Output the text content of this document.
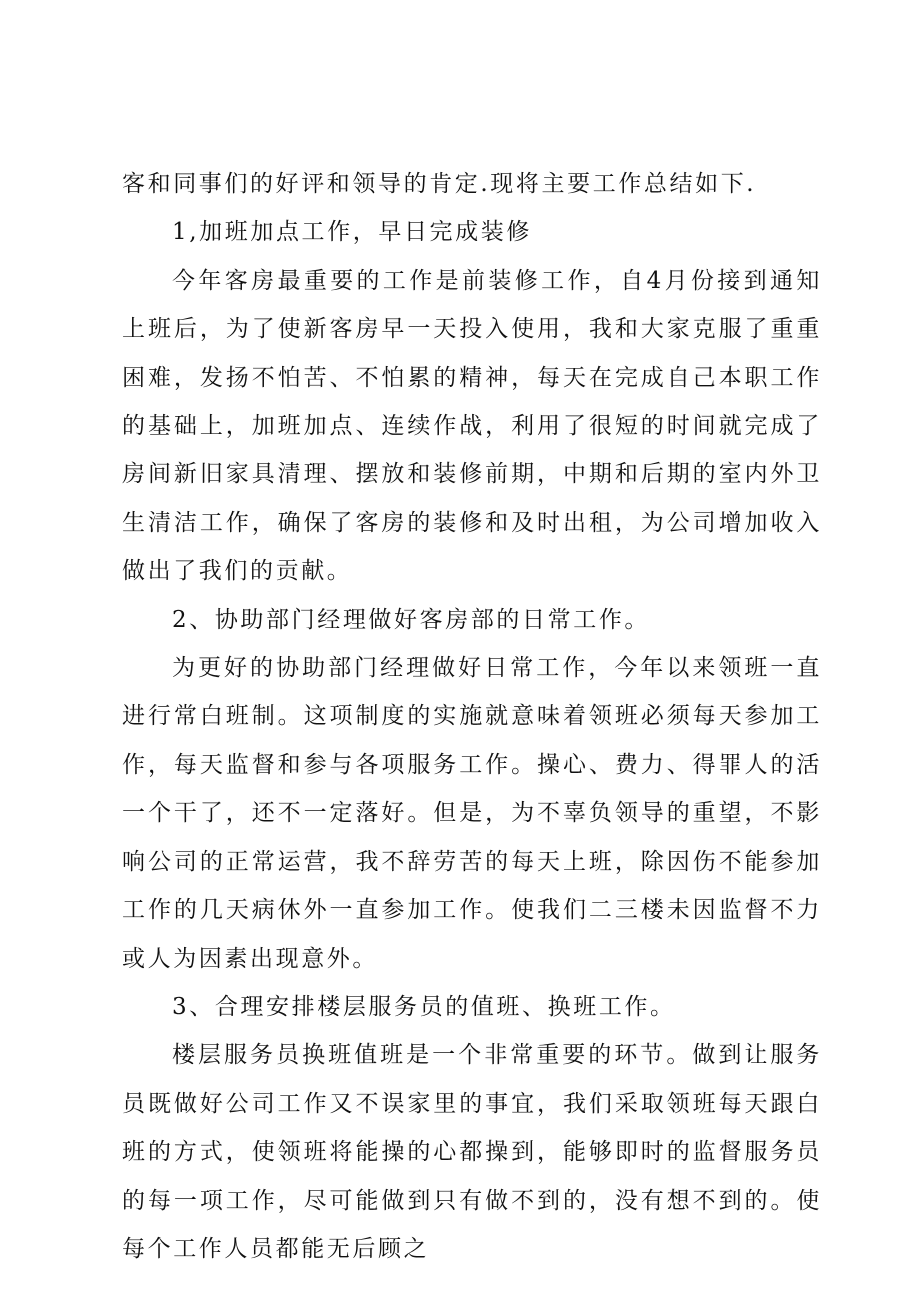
客和同事们的好评和领导的肯定.现将主要工作总结如下.

1,加班加点工作，早日完成装修

今年客房最重要的工作是前装修工作，自4月份接到通知上班后，为了使新客房早一天投入使用，我和大家克服了重重困难，发扬不怕苦、不怕累的精神，每天在完成自己本职工作的基础上，加班加点、连续作战，利用了很短的时间就完成了房间新旧家具清理、摆放和装修前期，中期和后期的室内外卫生清洁工作，确保了客房的装修和及时出租，为公司增加收入做出了我们的贡献。

2、协助部门经理做好客房部的日常工作。

为更好的协助部门经理做好日常工作，今年以来领班一直进行常白班制。这项制度的实施就意味着领班必须每天参加工作，每天监督和参与各项服务工作。操心、费力、得罪人的活一个干了，还不一定落好。但是，为不辜负领导的重望，不影响公司的正常运营，我不辞劳苦的每天上班，除因伤不能参加工作的几天病休外一直参加工作。使我们二三楼未因监督不力或人为因素出现意外。

3、合理安排楼层服务员的值班、换班工作。

楼层服务员换班值班是一个非常重要的环节。做到让服务员既做好公司工作又不误家里的事宜，我们采取领班每天跟白班的方式，使领班将能操的心都操到，能够即时的监督服务员的每一项工作，尽可能做到只有做不到的，没有想不到的。使每个工作人员都能无后顾之
